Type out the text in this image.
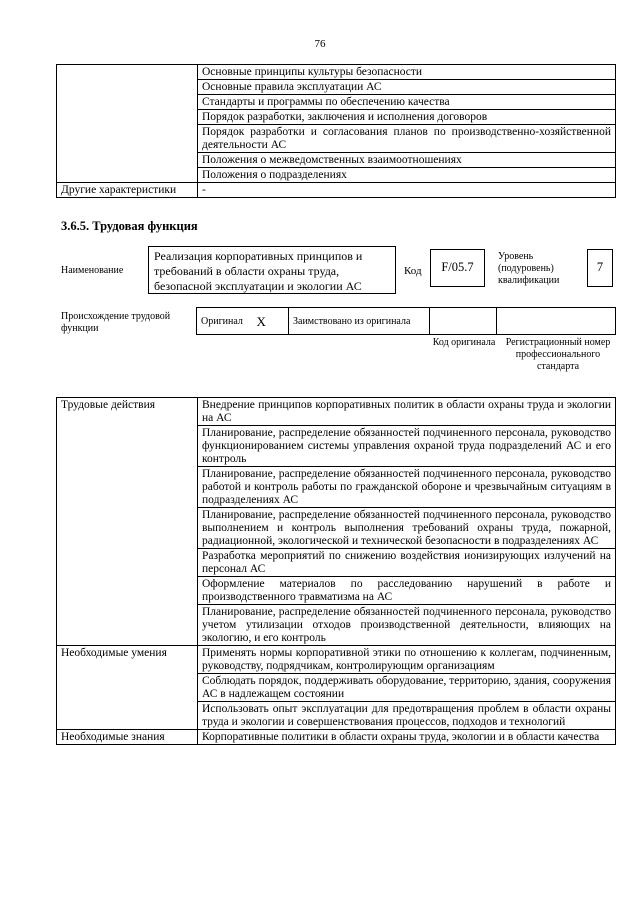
76
	Основные принципы культуры безопасности
	Основные правила эксплуатации АС
	Стандарты и программы по обеспечению качества
	Порядок разработки, заключения и исполнения договоров
	Порядок разработки и согласования планов по производственно-хозяйственной деятельности АС
	Положения о межведомственных взаимоотношениях
	Положения о подразделениях
Другие характеристики	-
3.6.5. Трудовая функция
Наименование
Реализация корпоративных принципов и требований в области охраны труда, безопасной эксплуатации и экологии АС
Код	F/05.7
Уровень (подуровень) квалификации
7
Происхождение трудовой функции
Оригинал	X	Заимствовано из оригинала		
Код оригинала Регистрационный номер профессионального стандарта
Трудовые действия	Внедрение принципов корпоративных политик в области охраны труда и экологии на АС
	Планирование, распределение обязанностей подчиненного персонала, руководство функционированием системы управления охраной труда подразделений АС и его контроль
	Планирование, распределение обязанностей подчиненного персонала, руководство работой и контроль работы по гражданской обороне и чрезвычайным ситуациям в подразделениях АС
	Планирование, распределение обязанностей подчиненного персонала, руководство выполнением и контроль выполнения требований охраны труда, пожарной, радиационной, экологической и технической безопасности в подразделениях АС
	Разработка мероприятий по снижению воздействия ионизирующих излучений на персонал АС
	Оформление материалов по расследованию нарушений в работе и производственного травматизма на АС
	Планирование, распределение обязанностей подчиненного персонала, руководство учетом утилизации отходов производственной деятельности, влияющих на экологию, и его контроль
Необходимые умения	Применять нормы корпоративной этики по отношению к коллегам, подчиненным, руководству, подрядчикам, контролирующим организациям
	Соблюдать порядок, поддерживать оборудование, территорию, здания, сооружения АС в надлежащем состоянии
	Использовать опыт эксплуатации для предотвращения проблем в области охраны труда и экологии и совершенствования процессов, подходов и технологий
Необходимые знания	Корпоративные политики в области охраны труда, экологии и в области качества
